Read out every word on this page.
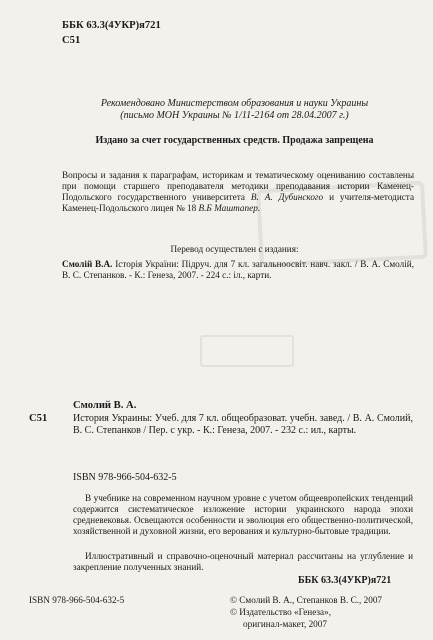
ББК 63.3(4УКР)я721

С51

Рекомендовано Министерством образования и науки Украины

(письмо МОН Украины № 1/11-2164 от 28.04.2007 г.)

Издано за счет государственных средств. Продажа запрещена

Вопросы и задания к параграфам, историкам и тематическому оцениванию составлены при помощи старшего преподавателя методики преподавания истории Каменец-Подольского государственного университета В. А. Дубинского и учителя-методиста Каменец-Подольского лицея № 18 В.Б Маштапер.

Перевод осуществлен с издания:

Смолій В.А. Історія України: Підруч. для 7 кл. загальноосвіт. навч. закл. / В. А. Смолій, В. С. Степанков. - К.: Генеза, 2007. - 224 с.: іл., карти.

Смолий В. А.

С51	История Украины: Учеб. для 7 кл. общеобразоват. учебн. завед. / В. А. Смолий, В. С. Степанков / Пер. с укр. - К.: Генеза, 2007. - 232 с.: ил., карты.

ISBN 978-966-504-632-5

В учебнике на современном научном уровне с учетом общеевропейских тенденций содержится систематическое изложение истории украинского народа эпохи средневековья. Освещаются особенности и эволюция его общественно-политической, хозяйственной и духовной жизни, его верования и культурно-бытовые традиции.

Иллюстративный и справочно-оценочный материал рассчитаны на углубление и закрепление полученных знаний.

ББК 63.3(4УКР)я721

ISBN 978-966-504-632-5	© Смолий В. А., Степанков В. С., 2007

© Издательство «Генеза»,

оригинал-макет, 2007
